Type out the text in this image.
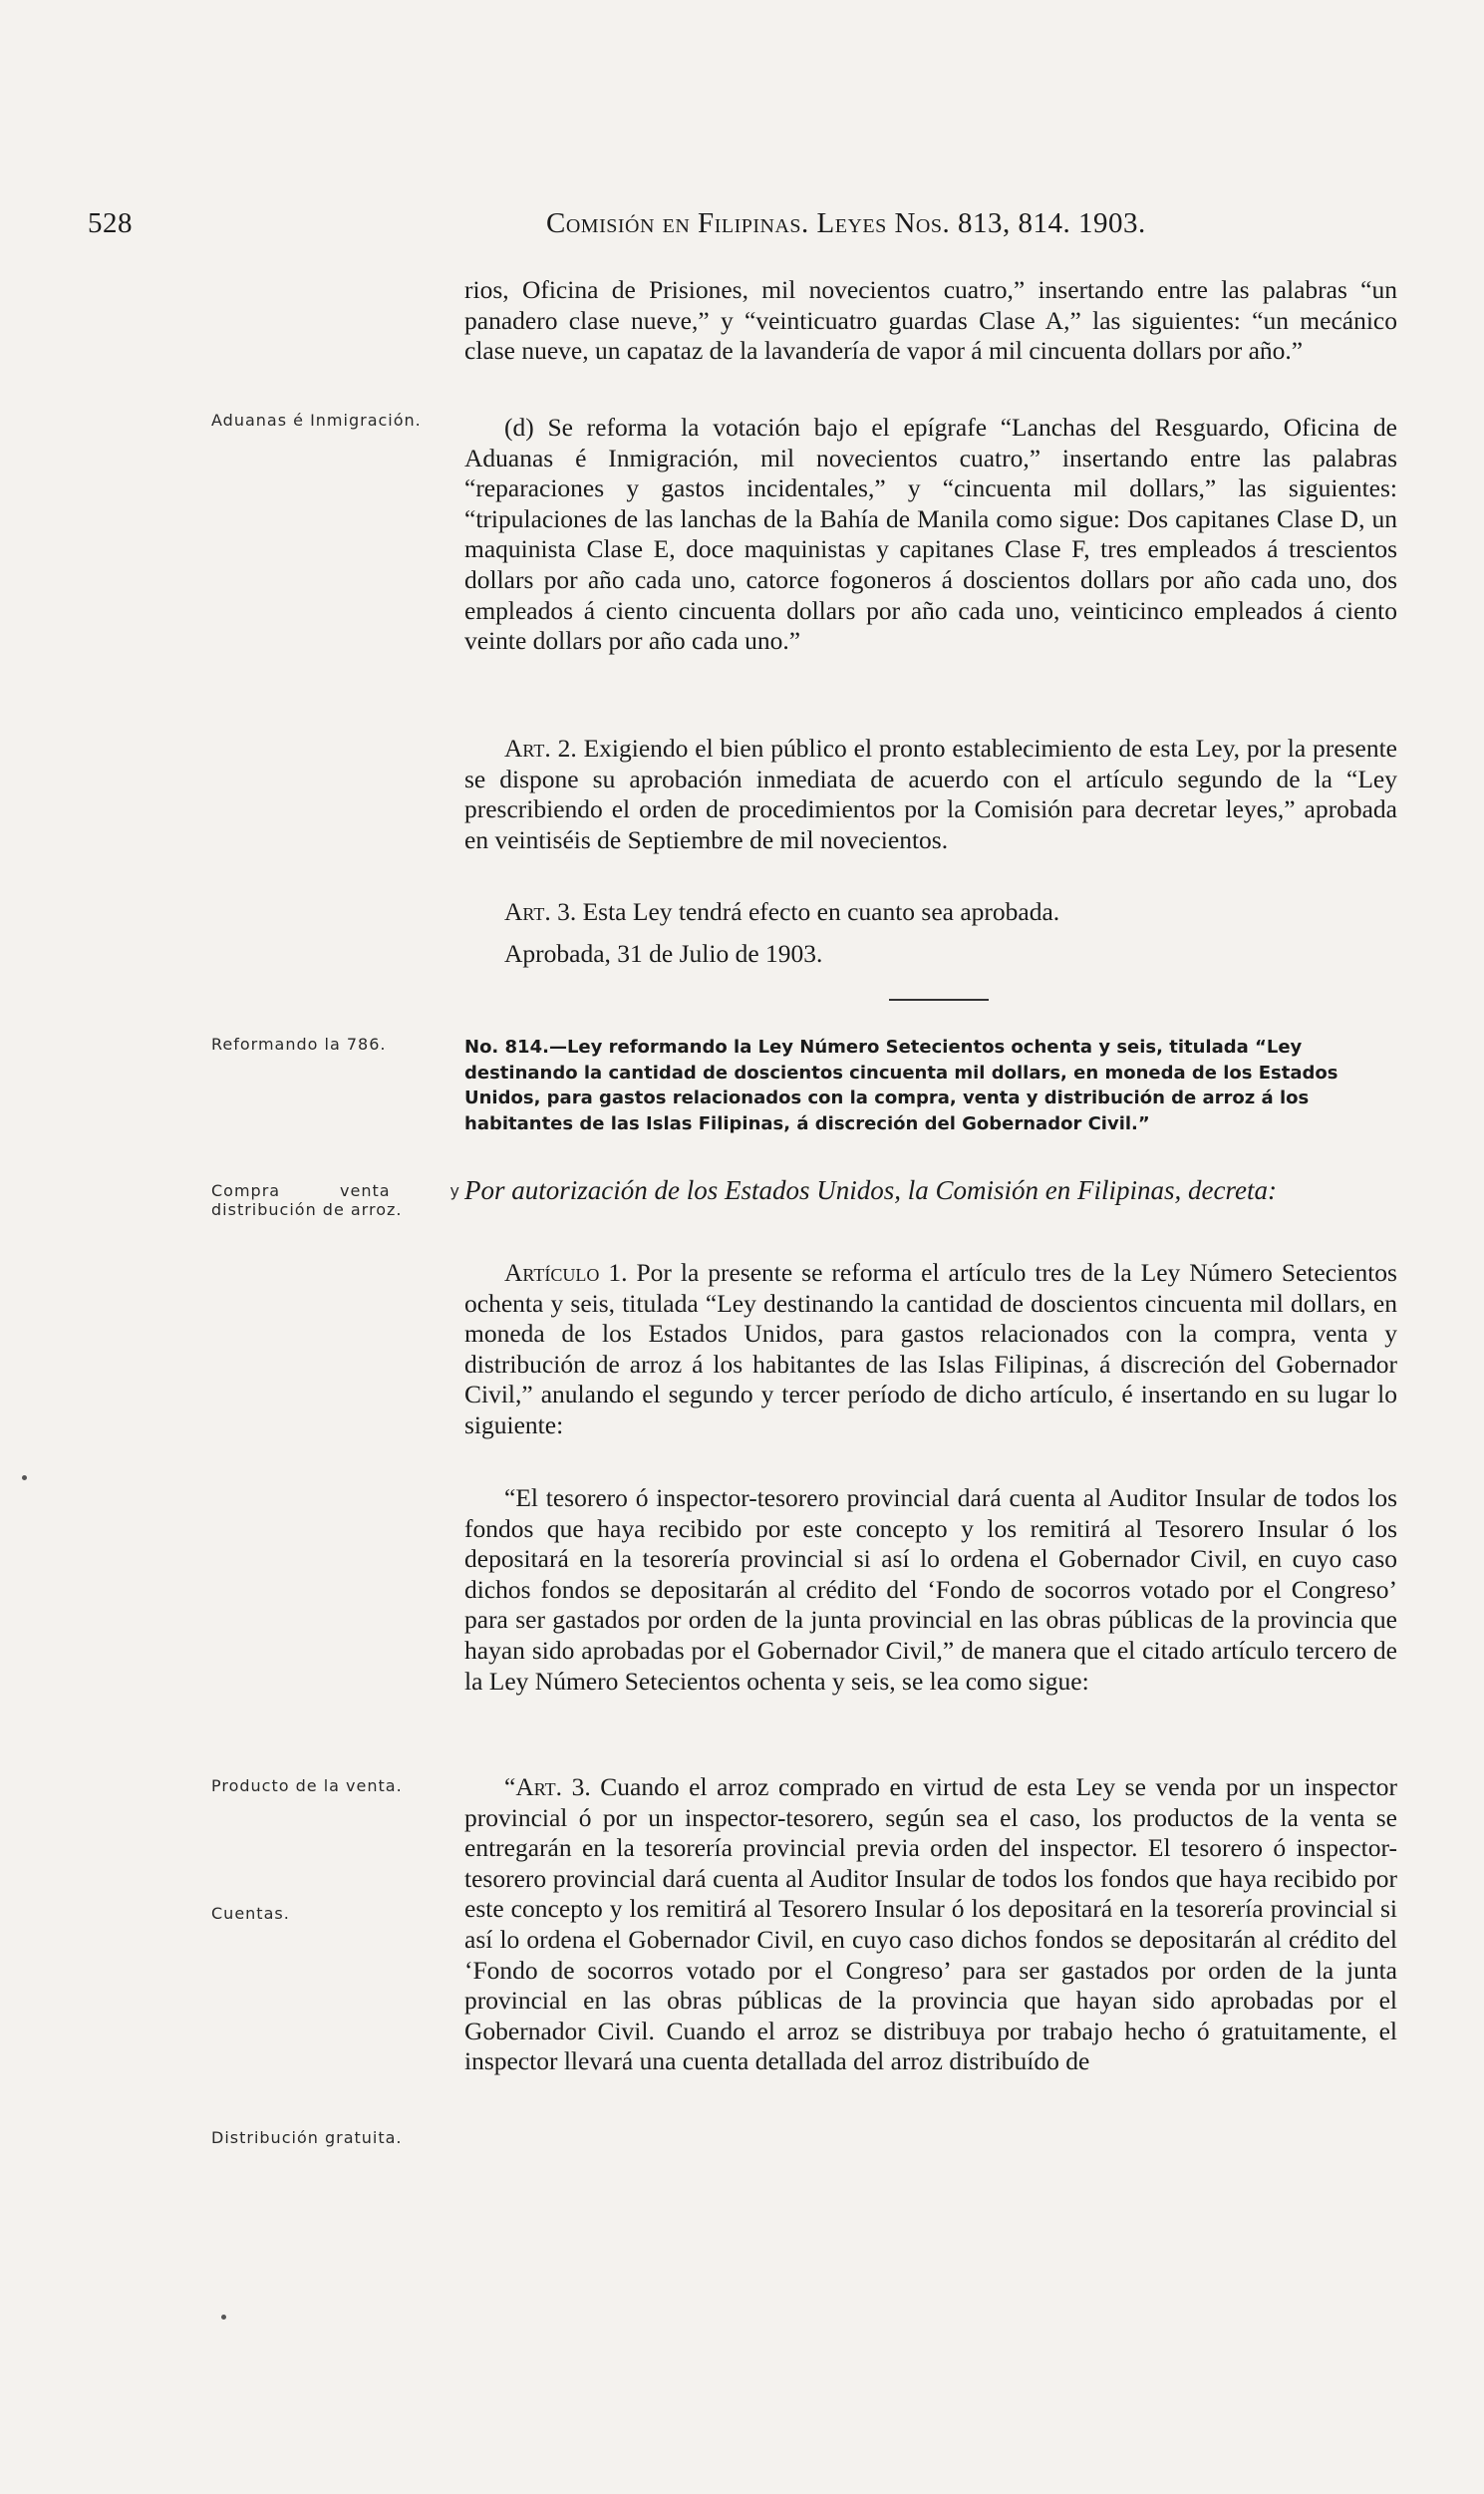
528	Comisión en Filipinas. Leyes Nos. 813, 814. 1903.
Aduanas é Inmigración.
Reformando la 786.
Compra venta y distribución de arroz.
Producto de la venta.
Cuentas.
Distribución gratuita.

rios, Oficina de Prisiones, mil novecientos cuatro,” insertando entre las palabras “un panadero clase nueve,” y “veinticuatro guardas Clase A,” las siguientes: “un mecánico clase nueve, un capataz de la lavandería de vapor á mil cincuenta dollars por año.”

(d) Se reforma la votación bajo el epígrafe “Lanchas del Resguardo, Oficina de Aduanas é Inmigración, mil novecientos cuatro,” insertando entre las palabras “reparaciones y gastos incidentales,” y “cincuenta mil dollars,” las siguientes: “tripulaciones de las lanchas de la Bahía de Manila como sigue: Dos capitanes Clase D, un maquinista Clase E, doce maquinistas y capitanes Clase F, tres empleados á trescientos dollars por año cada uno, catorce fogoneros á doscientos dollars por año cada uno, dos empleados á ciento cincuenta dollars por año cada uno, veinticinco empleados á ciento veinte dollars por año cada uno.”

Art. 2. Exigiendo el bien público el pronto establecimiento de esta Ley, por la presente se dispone su aprobación inmediata de acuerdo con el artículo segundo de la “Ley prescribiendo el orden de procedimientos por la Comisión para decretar leyes,” aprobada en veintiséis de Septiembre de mil novecientos.

Art. 3. Esta Ley tendrá efecto en cuanto sea aprobada.

Aprobada, 31 de Julio de 1903.

No. 814.—Ley reformando la Ley Número Setecientos ochenta y seis, titulada “Ley destinando la cantidad de doscientos cincuenta mil dollars, en moneda de los Estados Unidos, para gastos relacionados con la compra, venta y distribución de arroz á los habitantes de las Islas Filipinas, á discreción del Gobernador Civil.”

Por autorización de los Estados Unidos, la Comisión en Filipinas, decreta:

Artículo 1. Por la presente se reforma el artículo tres de la Ley Número Setecientos ochenta y seis, titulada “Ley destinando la cantidad de doscientos cincuenta mil dollars, en moneda de los Estados Unidos, para gastos relacionados con la compra, venta y distribución de arroz á los habitantes de las Islas Filipinas, á discreción del Gobernador Civil,” anulando el segundo y tercer período de dicho artículo, é insertando en su lugar lo siguiente:

“El tesorero ó inspector-tesorero provincial dará cuenta al Auditor Insular de todos los fondos que haya recibido por este concepto y los remitirá al Tesorero Insular ó los depositará en la tesorería provincial si así lo ordena el Gobernador Civil, en cuyo caso dichos fondos se depositarán al crédito del ‘Fondo de socorros votado por el Congreso’ para ser gastados por orden de la junta provincial en las obras públicas de la provincia que hayan sido aprobadas por el Gobernador Civil,” de manera que el citado artículo tercero de la Ley Número Setecientos ochenta y seis, se lea como sigue:

“Art. 3. Cuando el arroz comprado en virtud de esta Ley se venda por un inspector provincial ó por un inspector-tesorero, según sea el caso, los productos de la venta se entregarán en la tesorería provincial previa orden del inspector. El tesorero ó inspector-tesorero provincial dará cuenta al Auditor Insular de todos los fondos que haya recibido por este concepto y los remitirá al Tesorero Insular ó los depositará en la tesorería provincial si así lo ordena el Gobernador Civil, en cuyo caso dichos fondos se depositarán al crédito del ‘Fondo de socorros votado por el Congreso’ para ser gastados por orden de la junta provincial en las obras públicas de la provincia que hayan sido aprobadas por el Gobernador Civil. Cuando el arroz se distribuya por trabajo hecho ó gratuitamente, el inspector llevará una cuenta detallada del arroz distribuído de
